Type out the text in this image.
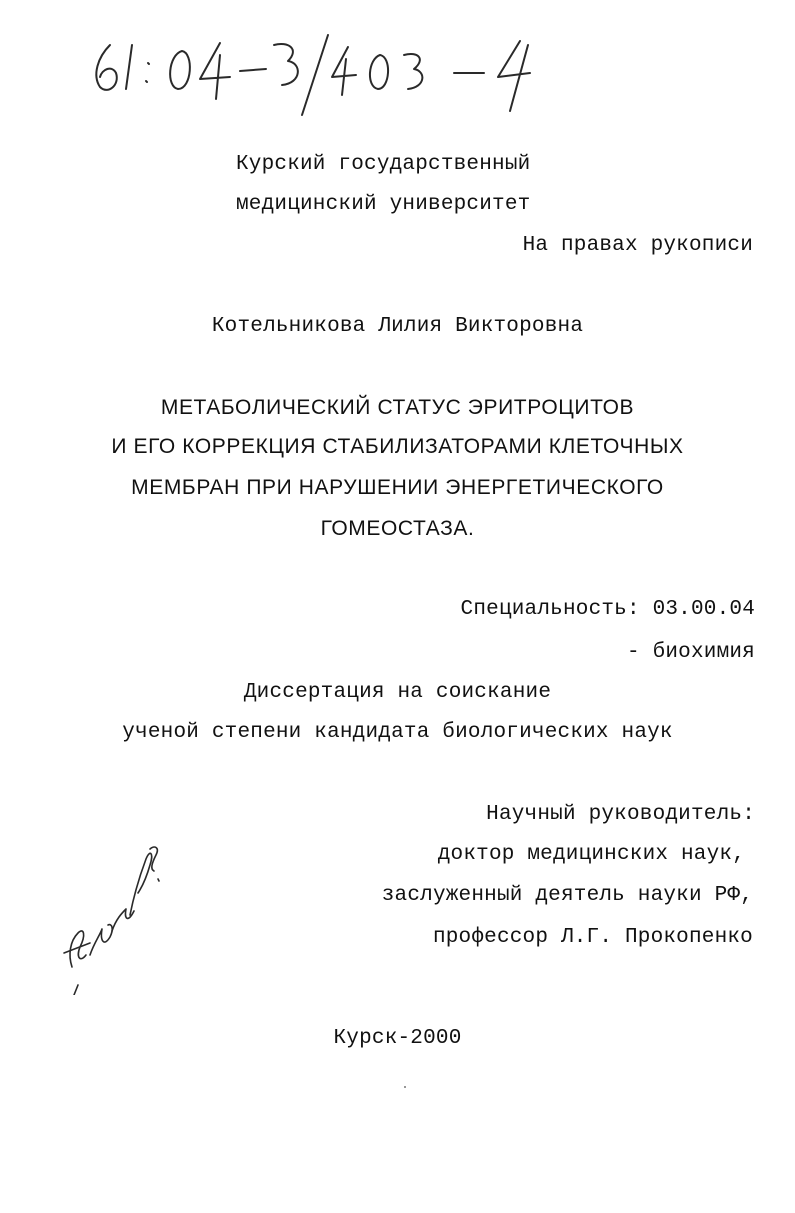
Курский государственный
медицинский университет
На правах рукописи
Котельникова Лилия Викторовна
МЕТАБОЛИЧЕСКИЙ СТАТУС ЭРИТРОЦИТОВ
И ЕГО КОРРЕКЦИЯ СТАБИЛИЗАТОРАМИ КЛЕТОЧНЫХ
МЕМБРАН ПРИ НАРУШЕНИИ ЭНЕРГЕТИЧЕСКОГО
ГОМЕОСТАЗА.
Специальность: 03.00.04
- биохимия
Диссертация на соискание
ученой степени кандидата биологических наук
Научный руководитель:
доктор медицинских наук,
заслуженный деятель науки РФ,
профессор Л.Г. Прокопенко
Курск-2000
